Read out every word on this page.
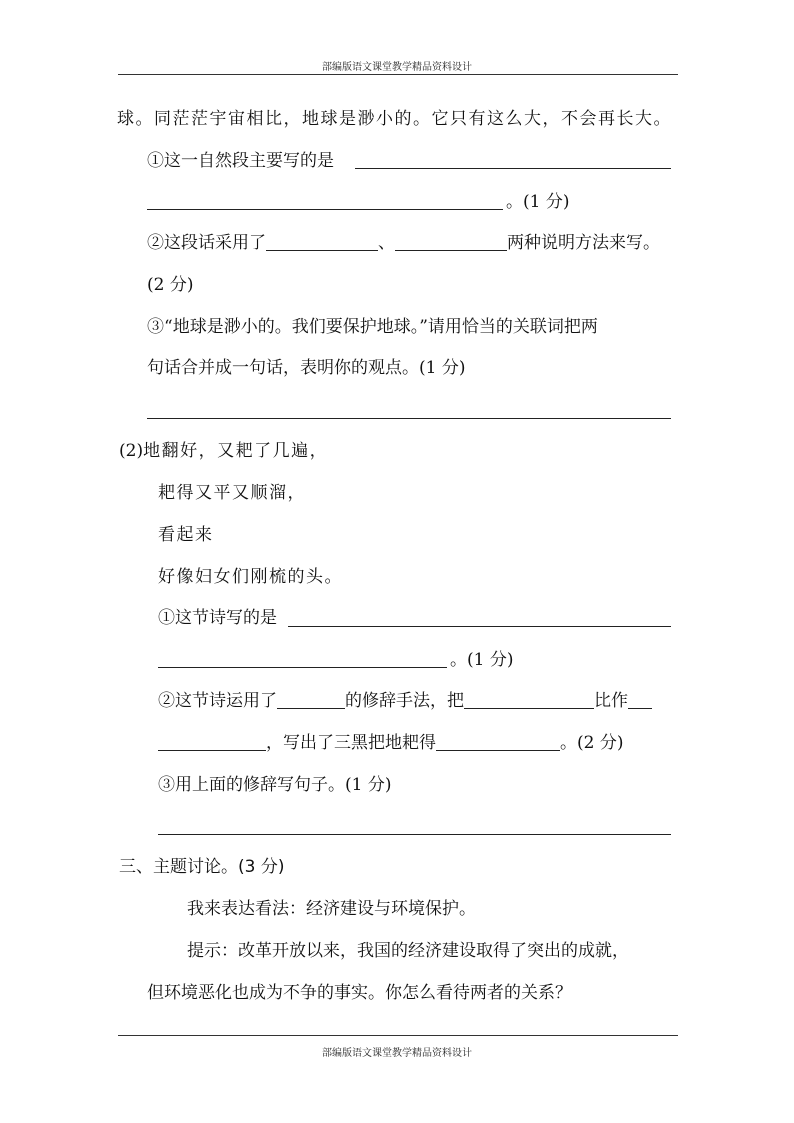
部编版语文课堂教学精品资料设计
球。同茫茫宇宙相比，地球是渺小的。它只有这么大，不会再长大。
①这一自然段主要写的是
。(1 分)
②这段话采用了	、	两种说明方法来写。
(2 分)
③“地球是渺小的。我们要保护地球。”请用恰当的关联词把两
句话合并成一句话，表明你的观点。(1 分)
(2)地翻好，又耙了几遍，
耙得又平又顺溜，
看起来
好像妇女们刚梳的头。
①这节诗写的是
。(1 分)
②这节诗运用了	的修辞手法，把	比作
，写出了三黑把地耙得	。(2 分)
③用上面的修辞写句子。(1 分)
三、主题讨论。(3 分)
我来表达看法：经济建设与环境保护。
提示：改革开放以来，我国的经济建设取得了突出的成就，
但环境恶化也成为不争的事实。你怎么看待两者的关系？
部编版语文课堂教学精品资料设计
